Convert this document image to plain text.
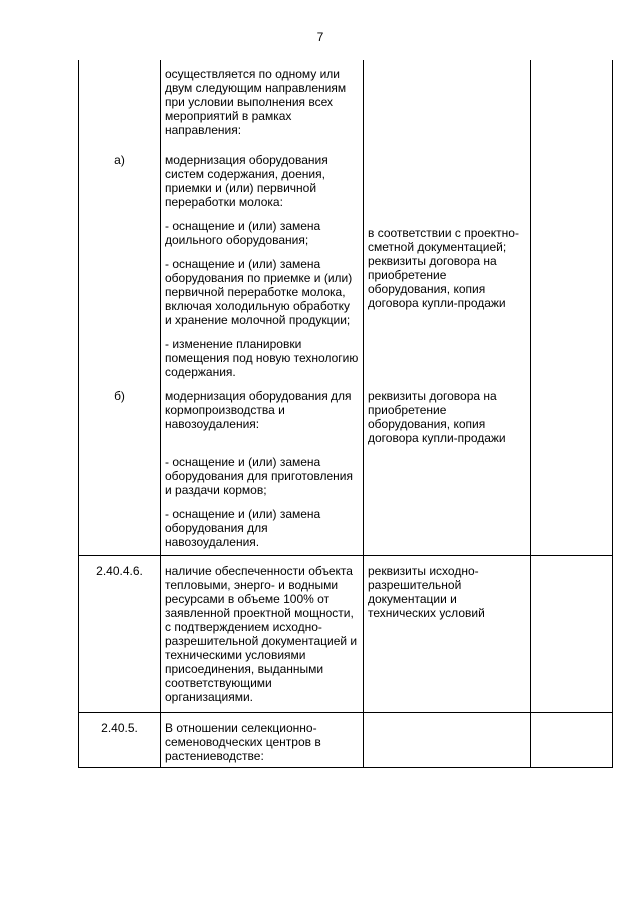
7

	осуществляется по одному или двум следующим направлениям при условии выполнения всех мероприятий в рамках направления:		

а)	модернизация оборудования систем содержания, доения, приемки и (или) первичной переработки молока:
- оснащение и (или) замена доильного оборудования;
- оснащение и (или) замена оборудования по приемке и (или) первичной переработке молока, включая холодильную обработку и хранение молочной продукции;
- изменение планировки помещения под новую технологию содержания.	в соответствии с проектно-сметной документацией; реквизиты договора на приобретение оборудования, копия договора купли-продажи	

б)	модернизация оборудования для кормопроизводства и навозоудаления:
- оснащение и (или) замена оборудования для приготовления и раздачи кормов;
- оснащение и (или) замена оборудования для навозоудаления.	реквизиты договора на приобретение оборудования, копия договора купли-продажи	

2.40.4.6.	наличие обеспеченности объекта тепловыми, энерго- и водными ресурсами в объеме 100% от заявленной проектной мощности, с подтверждением исходно-разрешительной документацией и техническими условиями присоединения, выданными соответствующими организациями.	реквизиты исходно-разрешительной документации и технических условий	

2.40.5.	В отношении селекционно-семеноводческих центров в растениеводстве:		
